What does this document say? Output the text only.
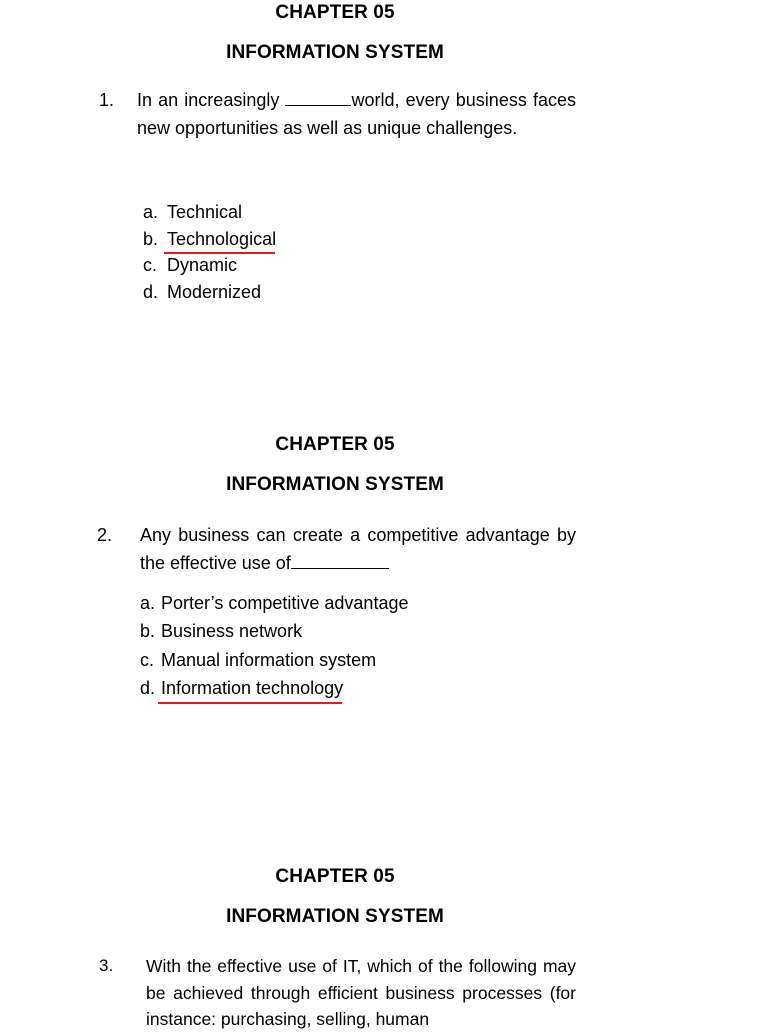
CHAPTER 05
INFORMATION SYSTEM
1. In an increasingly	world, every business faces new opportunities as well as unique challenges.
a. Technical
b. Technological
c. Dynamic
d. Modernized
CHAPTER 05
INFORMATION SYSTEM
2. Any business can create a competitive advantage by the effective use of
a. Porter’s competitive advantage
b. Business network
c. Manual information system
d. Information technology
CHAPTER 05
INFORMATION SYSTEM
3. With the effective use of IT, which of the following may be achieved through efficient business processes (for instance: purchasing, selling, human
